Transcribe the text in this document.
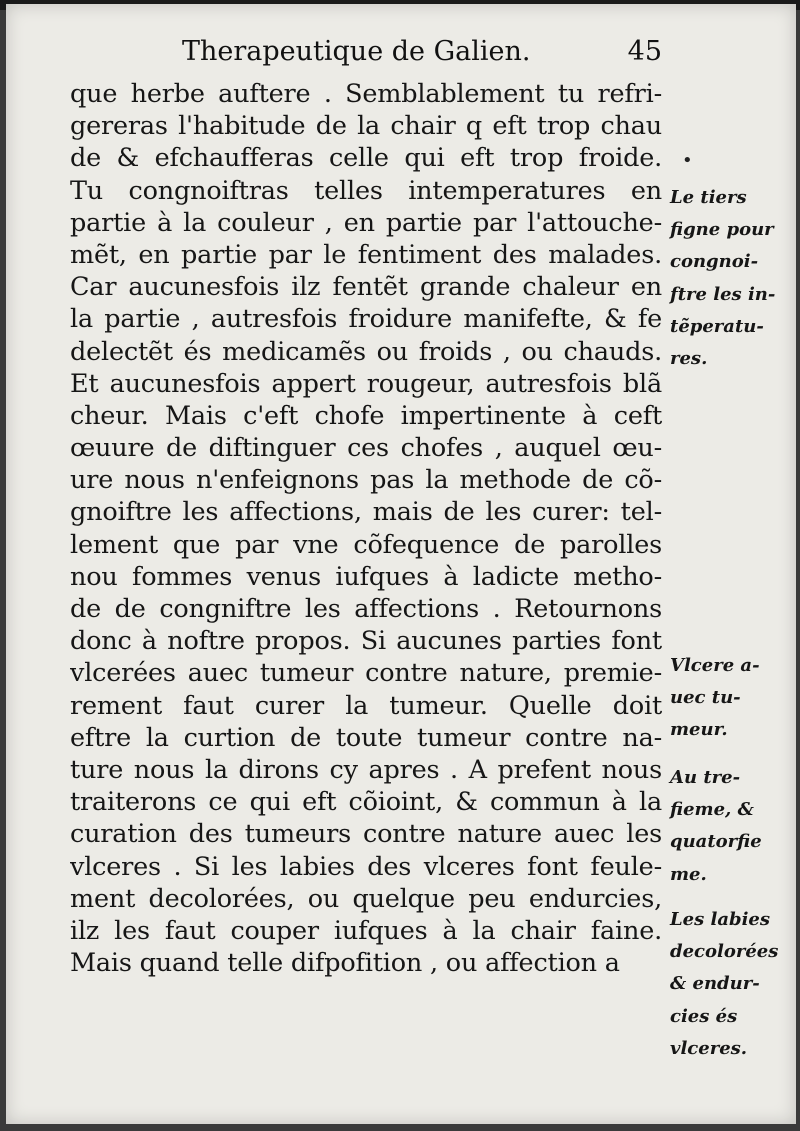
Therapeutique de Galien.	45
que herbe auftere . Semblablement tu refri-
gereras l'habitude de la chair q eft trop chau
de & efchaufferas celle qui eft trop froide.
Tu congnoiftras telles intemperatures en
partie à la couleur , en partie par l'attouche-
mẽt, en partie par le fentiment des malades.
Car aucunesfois ilz fentẽt grande chaleur en
la partie , autresfois froidure manifefte, & fe
delectẽt és medicamẽs ou froids , ou chauds.
Et aucunesfois appert rougeur, autresfois blã
cheur. Mais c'eft chofe impertinente à ceft
œuure de diftinguer ces chofes , auquel œu-
ure nous n'enfeignons pas la methode de cõ-
gnoiftre les affections, mais de les curer: tel-
lement que par vne cõfequence de parolles
nou fommes venus iufques à ladicte metho-
de de congniftre les affections . Retournons
donc à noftre propos. Si aucunes parties font
vlcerées auec tumeur contre nature, premie-
rement faut curer la tumeur. Quelle doit
eftre la curtion de toute tumeur contre na-
ture nous la dirons cy apres . A prefent nous
traiterons ce qui eft cõioint, & commun à la
curation des tumeurs contre nature auec les
vlceres . Si les labies des vlceres font feule-
ment decolorées, ou quelque peu endurcies,
ilz les faut couper iufques à la chair faine.
Mais quand telle difpofition , ou affection a
•
Le tiers
figne pour
congnoi-
ftre les in-
tẽperatu-
res.
Vlcere a-
uec tu-
meur.
Au tre-
fieme, &
quatorfie
me.
Les labies
decolorées
& endur-
cies és
vlceres.
